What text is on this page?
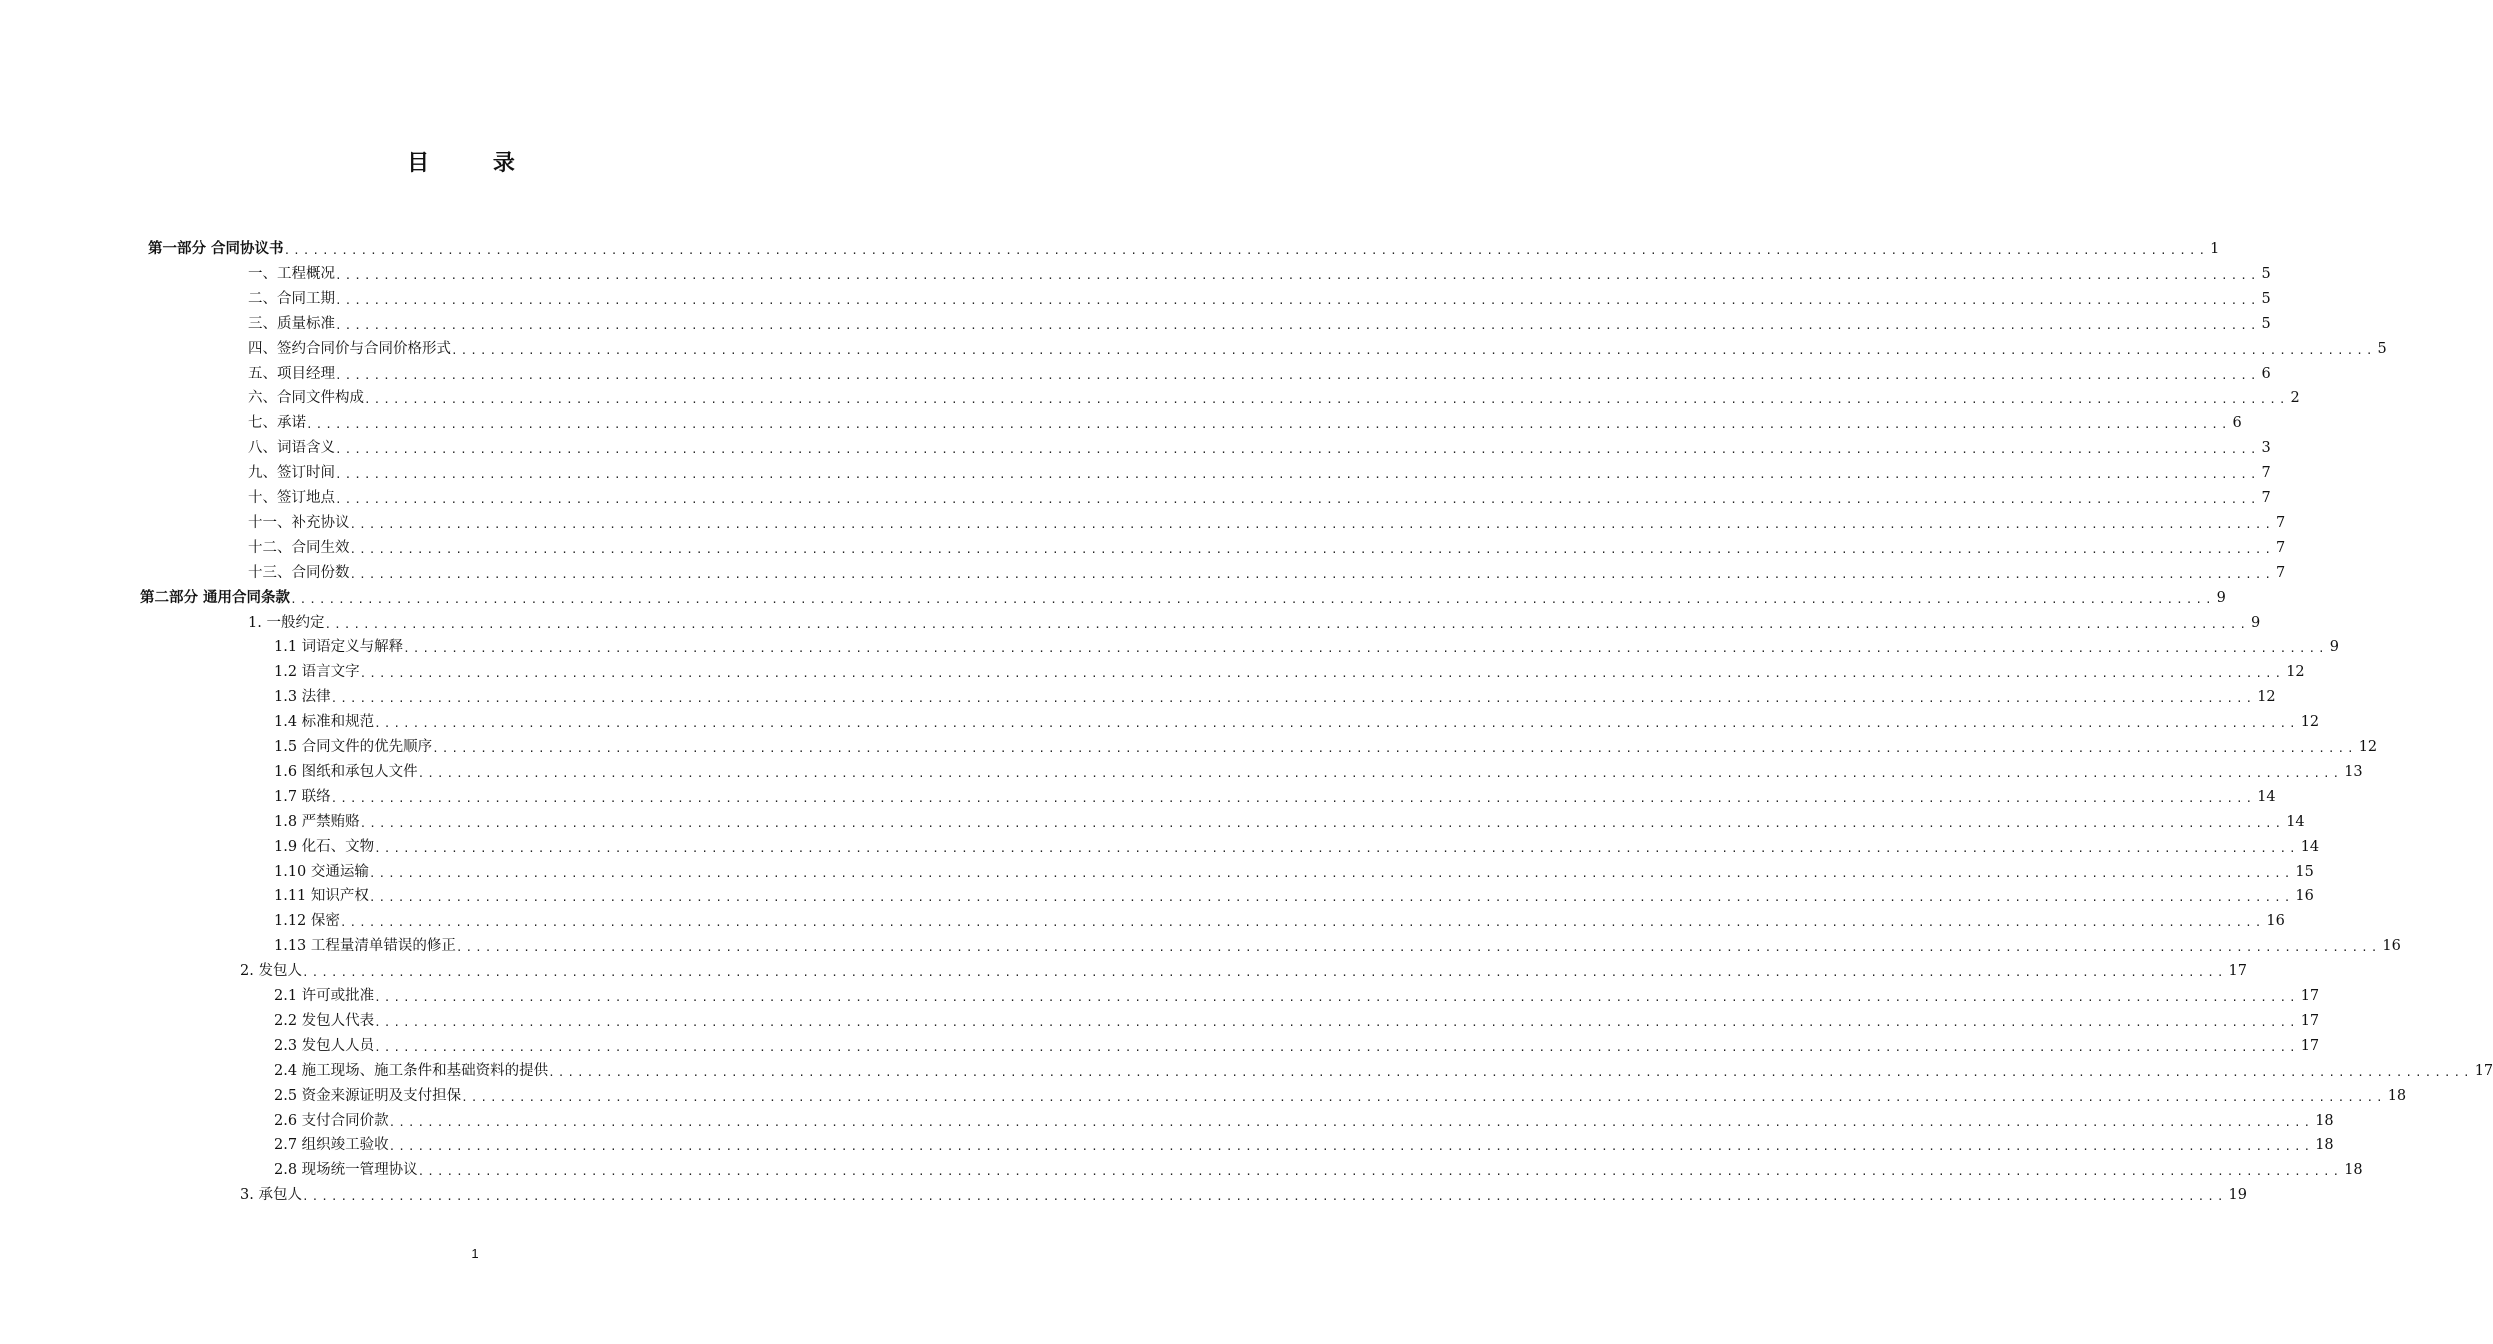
目 录
第一部分 合同协议书 ........................................................................................................................................................................................................ 1
一、工程概况 ........................................................................................................................................................................................................ 5
二、合同工期 ........................................................................................................................................................................................................ 5
三、质量标准 ........................................................................................................................................................................................................ 5
四、签约合同价与合同价格形式 ........................................................................................................................................................................................................ 5
五、项目经理 ........................................................................................................................................................................................................ 6
六、合同文件构成 ........................................................................................................................................................................................................ 2
七、承诺 ........................................................................................................................................................................................................ 6
八、词语含义 ........................................................................................................................................................................................................ 3
九、签订时间 ........................................................................................................................................................................................................ 7
十、签订地点 ........................................................................................................................................................................................................ 7
十一、补充协议 ........................................................................................................................................................................................................ 7
十二、合同生效 ........................................................................................................................................................................................................ 7
十三、合同份数 ........................................................................................................................................................................................................ 7
第二部分 通用合同条款 ........................................................................................................................................................................................................ 9
1. 一般约定 ........................................................................................................................................................................................................ 9
1.1 词语定义与解释 ........................................................................................................................................................................................................ 9
1.2 语言文字 ........................................................................................................................................................................................................ 12
1.3 法律 ........................................................................................................................................................................................................ 12
1.4 标准和规范 ........................................................................................................................................................................................................ 12
1.5 合同文件的优先顺序 ........................................................................................................................................................................................................ 12
1.6 图纸和承包人文件 ........................................................................................................................................................................................................ 13
1.7 联络 ........................................................................................................................................................................................................ 14
1.8 严禁贿赂 ........................................................................................................................................................................................................ 14
1.9 化石、文物 ........................................................................................................................................................................................................ 14
1.10 交通运输 ........................................................................................................................................................................................................ 15
1.11 知识产权 ........................................................................................................................................................................................................ 16
1.12 保密 ........................................................................................................................................................................................................ 16
1.13 工程量清单错误的修正 ........................................................................................................................................................................................................ 16
2. 发包人 ........................................................................................................................................................................................................ 17
2.1 许可或批准 ........................................................................................................................................................................................................ 17
2.2 发包人代表 ........................................................................................................................................................................................................ 17
2.3 发包人人员 ........................................................................................................................................................................................................ 17
2.4 施工现场、施工条件和基础资料的提供 ........................................................................................................................................................................................................ 17
2.5 资金来源证明及支付担保 ........................................................................................................................................................................................................ 18
2.6 支付合同价款 ........................................................................................................................................................................................................ 18
2.7 组织竣工验收 ........................................................................................................................................................................................................ 18
2.8 现场统一管理协议 ........................................................................................................................................................................................................ 18
3. 承包人 ........................................................................................................................................................................................................ 19
1
